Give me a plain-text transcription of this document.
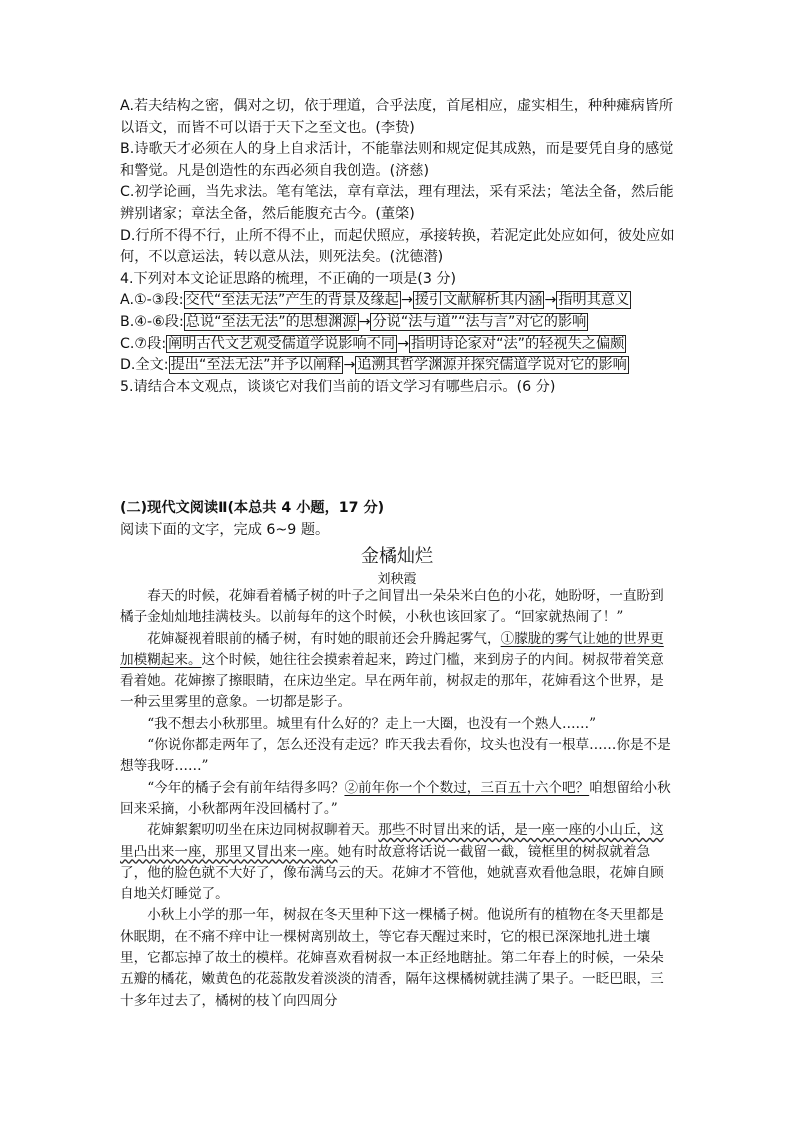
A.若夫结构之密，偶对之切，依于理道，合乎法度，首尾相应，虚实相生，种种瘫病皆所以语文，而皆不可以语于天下之至文也。(李贽)

B.诗歌天才必须在人的身上自求活计，不能靠法则和规定促其成熟，而是要凭自身的感觉和警觉。凡是创造性的东西必须自我创造。(济慈)

C.初学论画，当先求法。笔有笔法，章有章法，理有理法，采有采法；笔法全备，然后能辨别诸家；章法全备，然后能腹充古今。(董棨)

D.行所不得不行，止所不得不止，而起伏照应，承接转换，若泥定此处应如何，彼处应如何，不以意运法，转以意从法，则死法矣。(沈德潜)

4.下列对本文论证思路的梳理，不正确的一项是(3 分)

A.①-③段: 交代“至法无法”产生的背景及缘起 → 援引文献解析其内涵 → 指明其意义

B.④-⑥段: 总说“至法无法”的思想渊源 → 分说“法与道”“法与言”对它的影响

C.⑦段: 阐明古代文艺观受儒道学说影响不同 → 指明诗论家对“法”的轻视失之偏颇

D.全文: 提出“至法无法”并予以阐释 → 追溯其哲学渊源并探究儒道学说对它的影响

5.请结合本文观点，谈谈它对我们当前的语文学习有哪些启示。(6 分)

(二)现代文阅读Ⅱ(本总共 4 小题，17 分)
阅读下面的文字，完成 6~9 题。
金橘灿烂
刘秧霞

春天的时候，花婶看着橘子树的叶子之间冒出一朵朵米白色的小花，她盼呀，一直盼到橘子金灿灿地挂满枝头。以前每年的这个时候，小秋也该回家了。“回家就热闹了！”

花婶凝视着眼前的橘子树，有时她的眼前还会升腾起雾气，①朦胧的雾气让她的世界更加模糊起来。这个时候，她往往会摸索着起来，跨过门槛，来到房子的内间。树叔带着笑意看着她。花婶擦了擦眼睛，在床边坐定。早在两年前，树叔走的那年，花婶看这个世界，是一种云里雾里的意象。一切都是影子。

“我不想去小秋那里。城里有什么好的？走上一大圈，也没有一个熟人……”

“你说你都走两年了，怎么还没有走远？昨天我去看你，坟头也没有一根草……你是不是想等我呀……”

“今年的橘子会有前年结得多吗？②前年你一个个数过，三百五十六个吧？咱想留给小秋回来采摘，小秋都两年没回橘村了。”

花婶絮絮叨叨坐在床边同树叔聊着天。那些不时冒出来的话，是一座一座的小山丘，这里凸出来一座，那里又冒出来一座。她有时故意将话说一截留一截，镜框里的树叔就着急了，他的脸色就不大好了，像布满乌云的天。花婶才不管他，她就喜欢看他急眼，花婶自顾自地关灯睡觉了。

小秋上小学的那一年，树叔在冬天里种下这一棵橘子树。他说所有的植物在冬天里都是休眠期，在不痛不痒中让一棵树离别故土，等它春天醒过来时，它的根已深深地扎进土壤里，它都忘掉了故土的模样。花婶喜欢看树叔一本正经地瞎扯。第二年春上的时候，一朵朵五瓣的橘花，嫩黄色的花蕊散发着淡淡的清香，隔年这棵橘树就挂满了果子。一眨巴眼，三十多年过去了，橘树的枝丫向四周分
